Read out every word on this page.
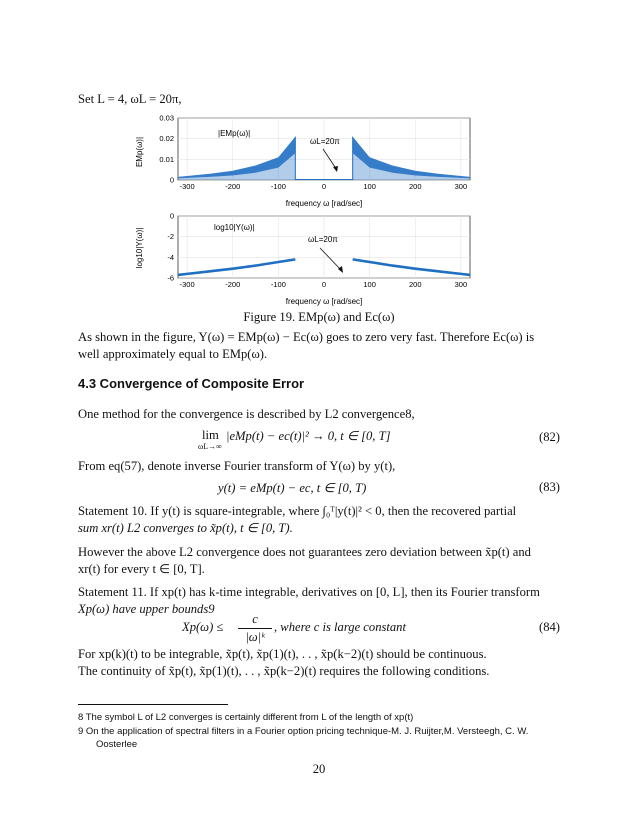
Set L = 4, ωL = 20π,
0.03
0.02
0.01
0
-300	-200	-100	0	100	200	300
|EMp(ω)|
ωL=20π
EMp(ω)|
frequency ω [rad/sec]
0
-2
-4
-6
-300	-200	-100	0	100	200	300
log10|Y(ω)|
ωL=20π
log10|Y(ω)|
frequency ω [rad/sec]
Figure 19. EMp(ω) and Ec(ω)
As shown in the figure, Y(ω) = EMp(ω) − Ec(ω) goes to zero very fast. Therefore Ec(ω) is
well approximately equal to EMp(ω).
4.3 Convergence of Composite Error
One method for the convergence is described by L2 convergence8,
lim
ωL→∞
|eMp(t) − ec(t)|² → 0, t ∈ [0, T]	(82)
From eq(57), denote inverse Fourier transform of Y(ω) by y(t),
y(t) = eMp(t) − ec, t ∈ [0, T)	(83)
Statement 10. If y(t) is square-integrable, where ∫₀ᵀ|y(t)|² < 0, then the recovered partial
sum xr(t) L2 converges to x̃p(t), t ∈ [0, T).
However the above L2 convergence does not guarantees zero deviation between x̃p(t) and
xr(t) for every t ∈ [0, T].
Statement 11. If xp(t) has k-time integrable, derivatives on [0, L], then its Fourier transform
Xp(ω) have upper bounds9
Xp(ω) ≤
c
|ω|ᵏ
, where c is large constant	(84)
For xp(k)(t) to be integrable, x̃p(t), x̃p(1)(t), . . , x̃p(k−2)(t) should be continuous.
The continuity of x̃p(t), x̃p(1)(t), . . , x̃p(k−2)(t) requires the following conditions.
8 The symbol L of L2 converges is certainly different from L of the length of xp(t)
9 On the application of spectral filters in a Fourier option pricing technique-M. J. Ruijter,M. Versteegh, C. W.
Oosterlee
20
